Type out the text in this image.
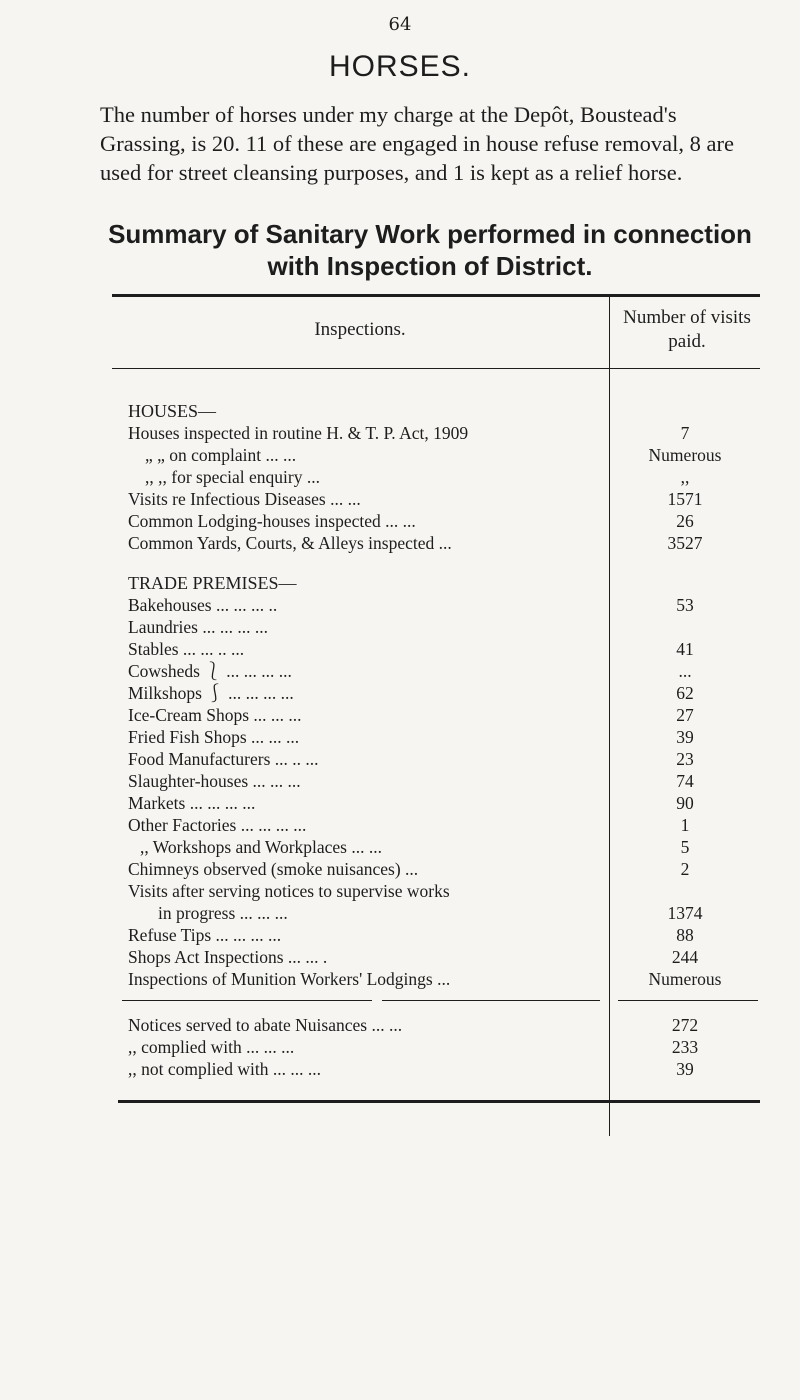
64
HORSES.
The number of horses under my charge at the Depôt, Boustead's Grassing, is 20. 11 of these are engaged in house refuse removal, 8 are used for street cleansing purposes, and 1 is kept as a relief horse.
Summary of Sanitary Work performed in connection with Inspection of District.
Inspections.
Number of visits paid.
HOUSES—
Houses inspected in routine H. & T. P. Act, 1909	7
„ „ on complaint ... ...	Numerous
,, ,, for special enquiry ...	,,
Visits re Infectious Diseases ... ...	1571
Common Lodging-houses inspected ... ...	26
Common Yards, Courts, & Alleys inspected ...	3527
TRADE PREMISES—
Bakehouses ... ... ... ..	53
Laundries ... ... ... ...
Stables ... ... .. ...	41
Cowsheds ⎱ ... ... ... ...	...
Milkshops ⎰ ... ... ... ...	62
Ice-Cream Shops ... ... ...	27
Fried Fish Shops ... ... ...	39
Food Manufacturers ... .. ...	23
Slaughter-houses ... ... ...	74
Markets ... ... ... ...	90
Other Factories ... ... ... ...	1
,, Workshops and Workplaces ... ...	5
Chimneys observed (smoke nuisances) ...	2
Visits after serving notices to supervise works
in progress ... ... ...	1374
Refuse Tips ... ... ... ...	88
Shops Act Inspections ... ... .	244
Inspections of Munition Workers' Lodgings ...	Numerous
Notices served to abate Nuisances ... ...	272
,, complied with ... ... ...	233
,, not complied with ... ... ...	39
